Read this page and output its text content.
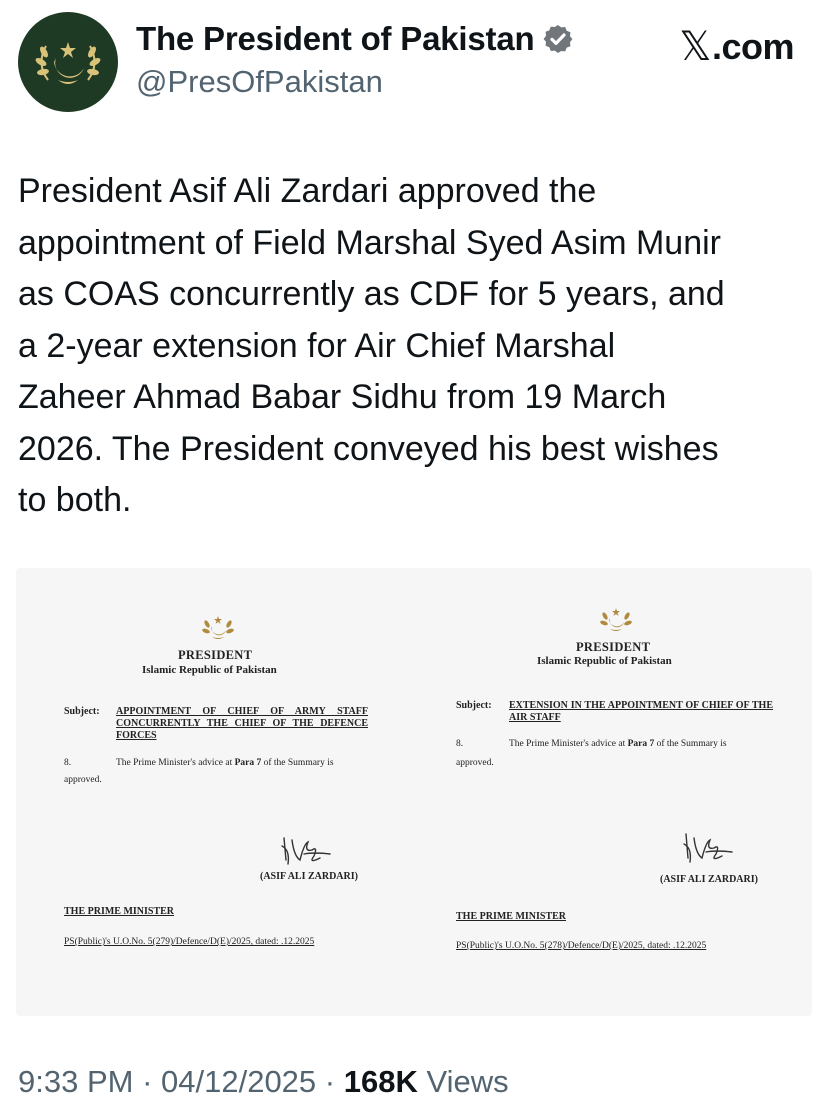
The President of Pakistan
@PresOfPakistan
𝕏 .com
President Asif Ali Zardari approved the
appointment of Field Marshal Syed Asim Munir
as COAS concurrently as CDF for 5 years, and
a 2-year extension for Air Chief Marshal
Zaheer Ahmad Babar Sidhu from 19 March
2026. The President conveyed his best wishes
to both.
PRESIDENT
Islamic Republic of Pakistan
Subject: APPOINTMENT OF CHIEF OF ARMY STAFF CONCURRENTLY THE CHIEF OF THE DEFENCE FORCES
8.	The Prime Minister's advice at Para 7 of the Summary is
approved.
(ASIF ALI ZARDARI)
THE PRIME MINISTER
PS(Public)'s U.O.No. 5(279)/Defence/D(E)/2025, dated: .12.2025
PRESIDENT
Islamic Republic of Pakistan
Subject: EXTENSION IN THE APPOINTMENT OF CHIEF OF THE AIR STAFF
8.	The Prime Minister's advice at Para 7 of the Summary is
approved.
(ASIF ALI ZARDARI)
THE PRIME MINISTER
PS(Public)'s U.O.No. 5(278)/Defence/D(E)/2025, dated: .12.2025
9:33 PM · 04/12/2025 · 168K Views
